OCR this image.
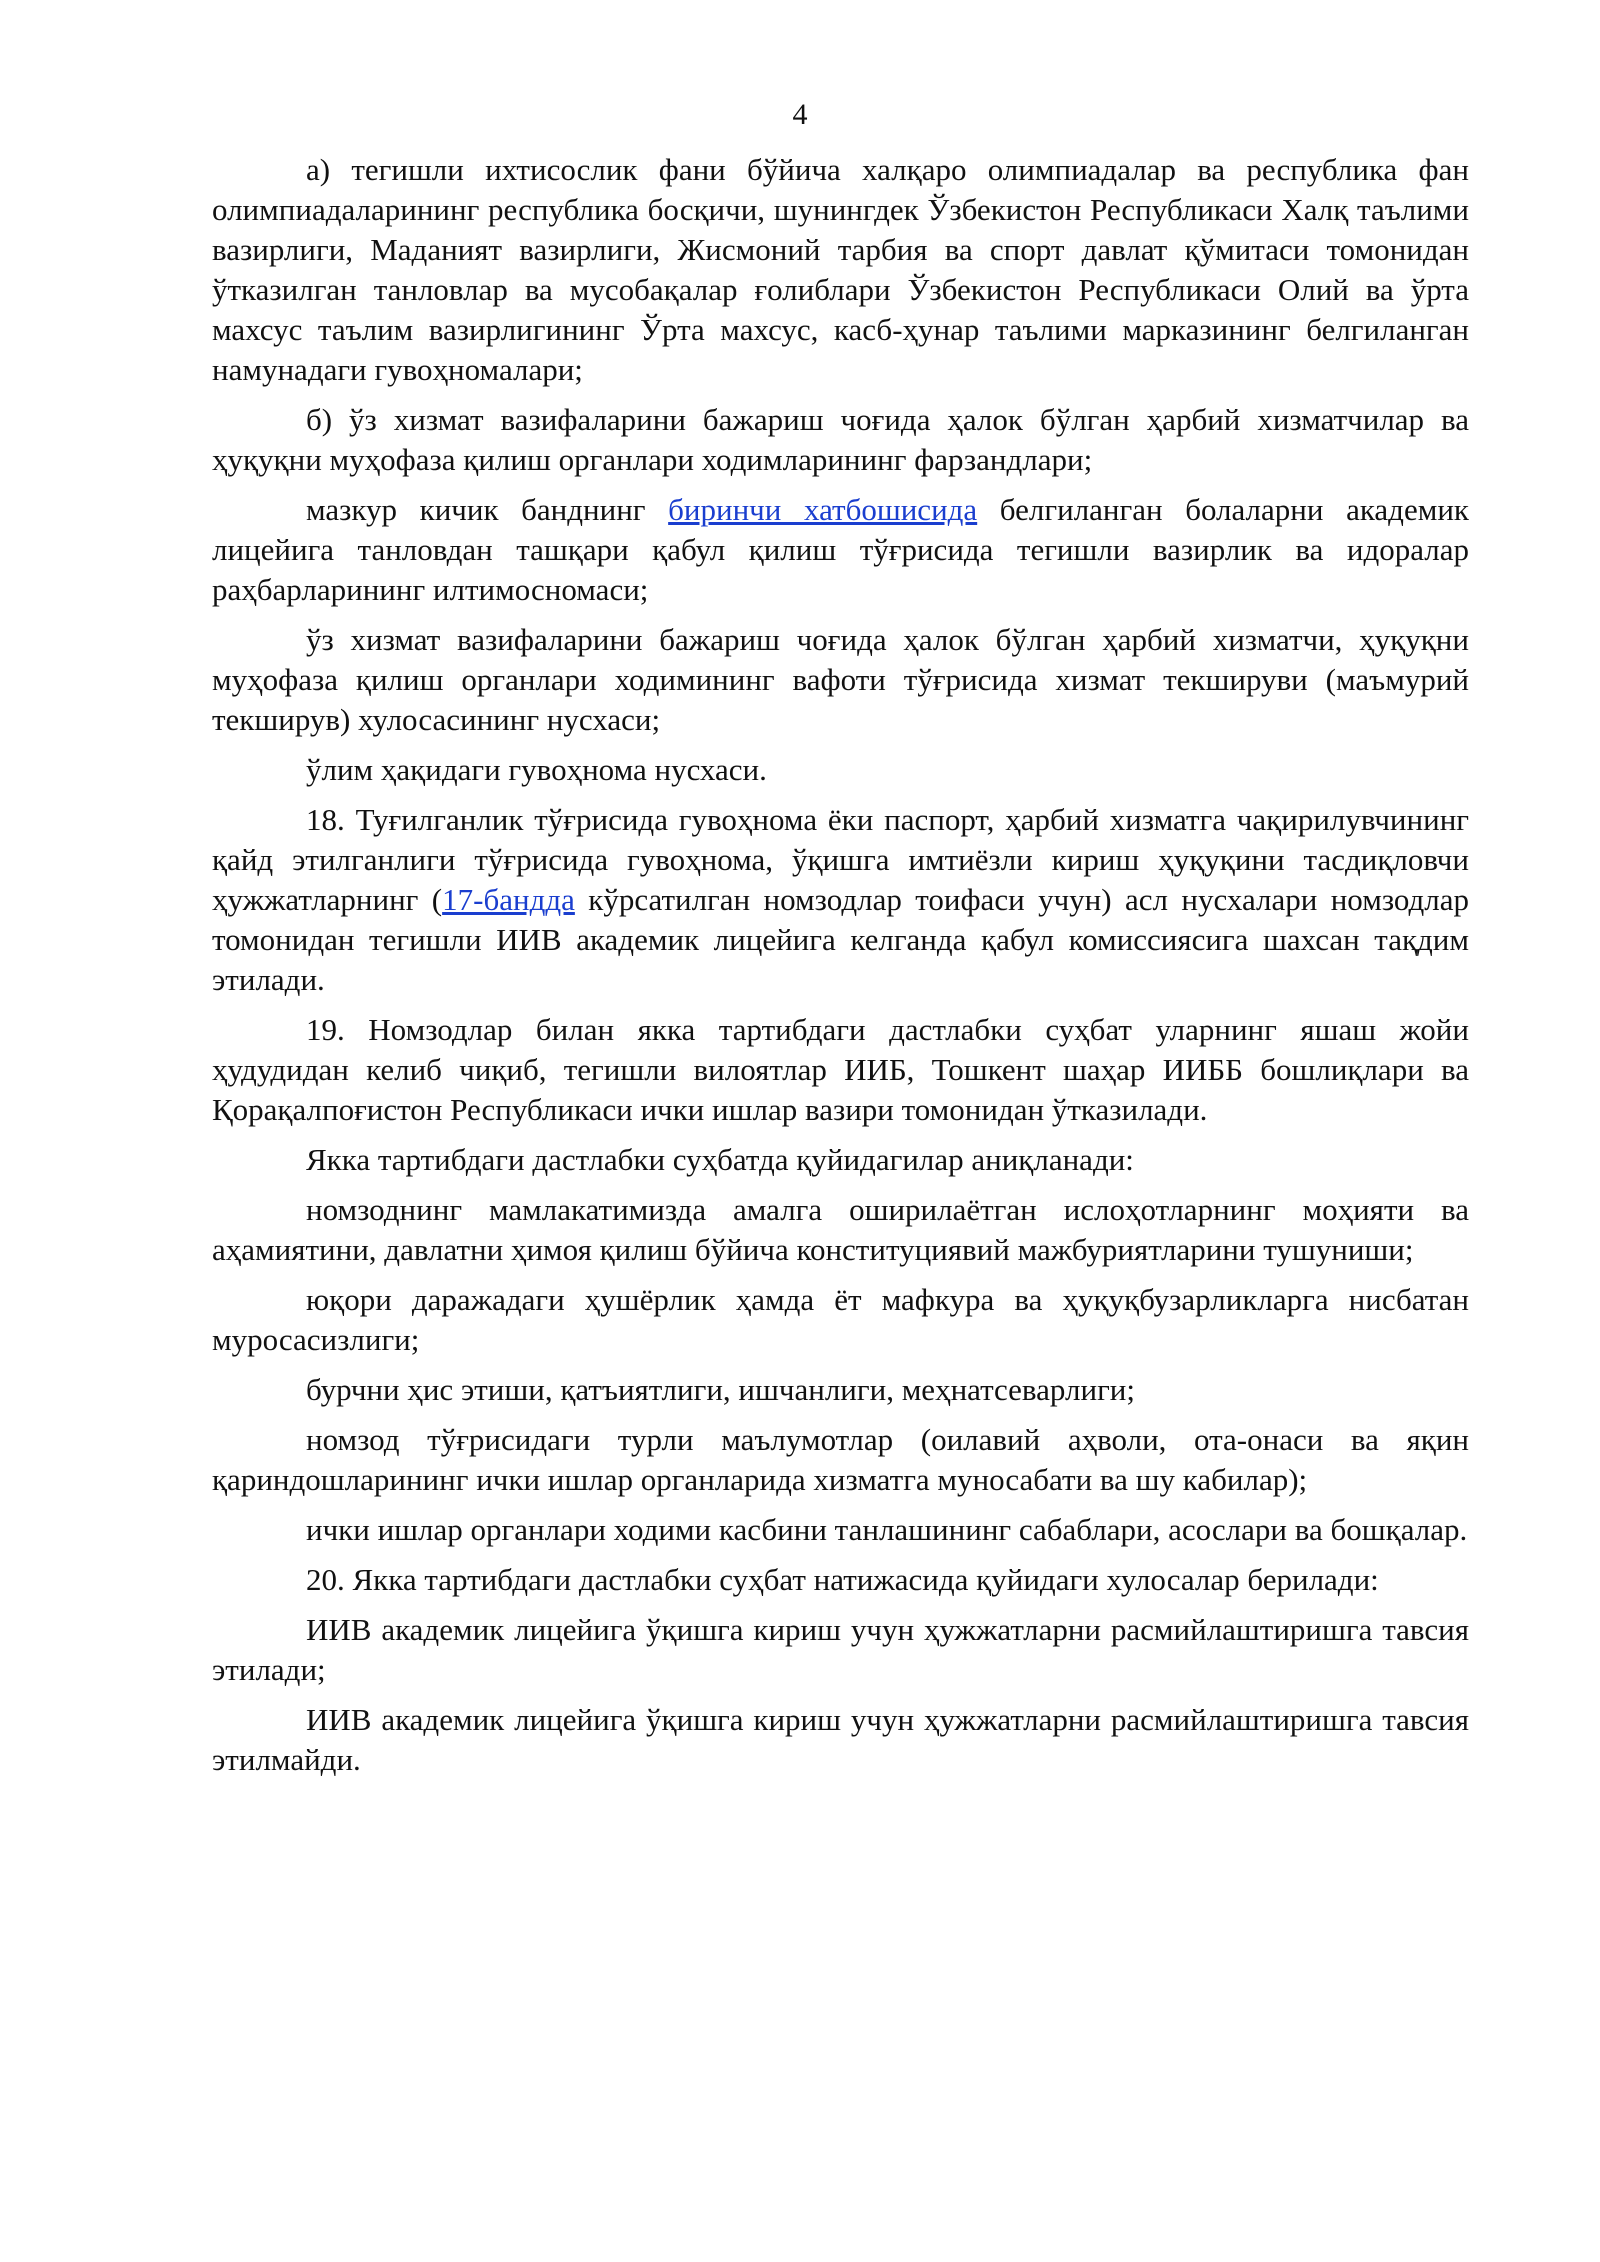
4

а) тегишли ихтисослик фани бўйича халқаро олимпиадалар ва республика фан олимпиадаларининг республика босқичи, шунингдек Ўзбекистон Республикаси Халқ таълими вазирлиги, Маданият вазирлиги, Жисмоний тарбия ва спорт давлат қўмитаси томонидан ўтказилган танловлар ва мусобақалар ғолиблари Ўзбекистон Республикаси Олий ва ўрта махсус таълим вазирлигининг Ўрта махсус, касб-ҳунар таълими марказининг белгиланган намунадаги гувоҳномалари;

б) ўз хизмат вазифаларини бажариш чоғида ҳалок бўлган ҳарбий хизматчилар ва ҳуқуқни муҳофаза қилиш органлари ходимларининг фарзандлари;

мазкур кичик банднинг биринчи хатбошисида белгиланган болаларни академик лицейига танловдан ташқари қабул қилиш тўғрисида тегишли вазирлик ва идоралар раҳбарларининг илтимосномаси;

ўз хизмат вазифаларини бажариш чоғида ҳалок бўлган ҳарбий хизматчи, ҳуқуқни муҳофаза қилиш органлари ходимининг вафоти тўғрисида хизмат текшируви (маъмурий текширув) хулосасининг нусхаси;

ўлим ҳақидаги гувоҳнома нусхаси.

18. Туғилганлик тўғрисида гувоҳнома ёки паспорт, ҳарбий хизматга чақирилувчининг қайд этилганлиги тўғрисида гувоҳнома, ўқишга имтиёзли кириш ҳуқуқини тасдиқловчи ҳужжатларнинг (17-бандда кўрсатилган номзодлар тоифаси учун) асл нусхалари номзодлар томонидан тегишли ИИВ академик лицейига келганда қабул комиссиясига шахсан тақдим этилади.

19. Номзодлар билан якка тартибдаги дастлабки суҳбат уларнинг яшаш жойи ҳудудидан келиб чиқиб, тегишли вилоятлар ИИБ, Тошкент шаҳар ИИББ бошлиқлари ва Қорақалпоғистон Республикаси ички ишлар вазири томонидан ўтказилади.

Якка тартибдаги дастлабки суҳбатда қуйидагилар аниқланади:

номзоднинг мамлакатимизда амалга оширилаётган ислоҳотларнинг моҳияти ва аҳамиятини, давлатни ҳимоя қилиш бўйича конституциявий мажбуриятларини тушуниши;

юқори даражадаги ҳушёрлик ҳамда ёт мафкура ва ҳуқуқбузарликларга нисбатан муросасизлиги;

бурчни ҳис этиши, қатъиятлиги, ишчанлиги, меҳнатсеварлиги;

номзод тўғрисидаги турли маълумотлар (оилавий аҳволи, ота-онаси ва яқин қариндошларининг ички ишлар органларида хизматга муносабати ва шу кабилар);

ички ишлар органлари ходими касбини танлашининг сабаблари, асослари ва бошқалар.

20. Якка тартибдаги дастлабки суҳбат натижасида қуйидаги хулосалар берилади:

ИИВ академик лицейига ўқишга кириш учун ҳужжатларни расмийлаштиришга тавсия этилади;

ИИВ академик лицейига ўқишга кириш учун ҳужжатларни расмийлаштиришга тавсия этилмайди.
